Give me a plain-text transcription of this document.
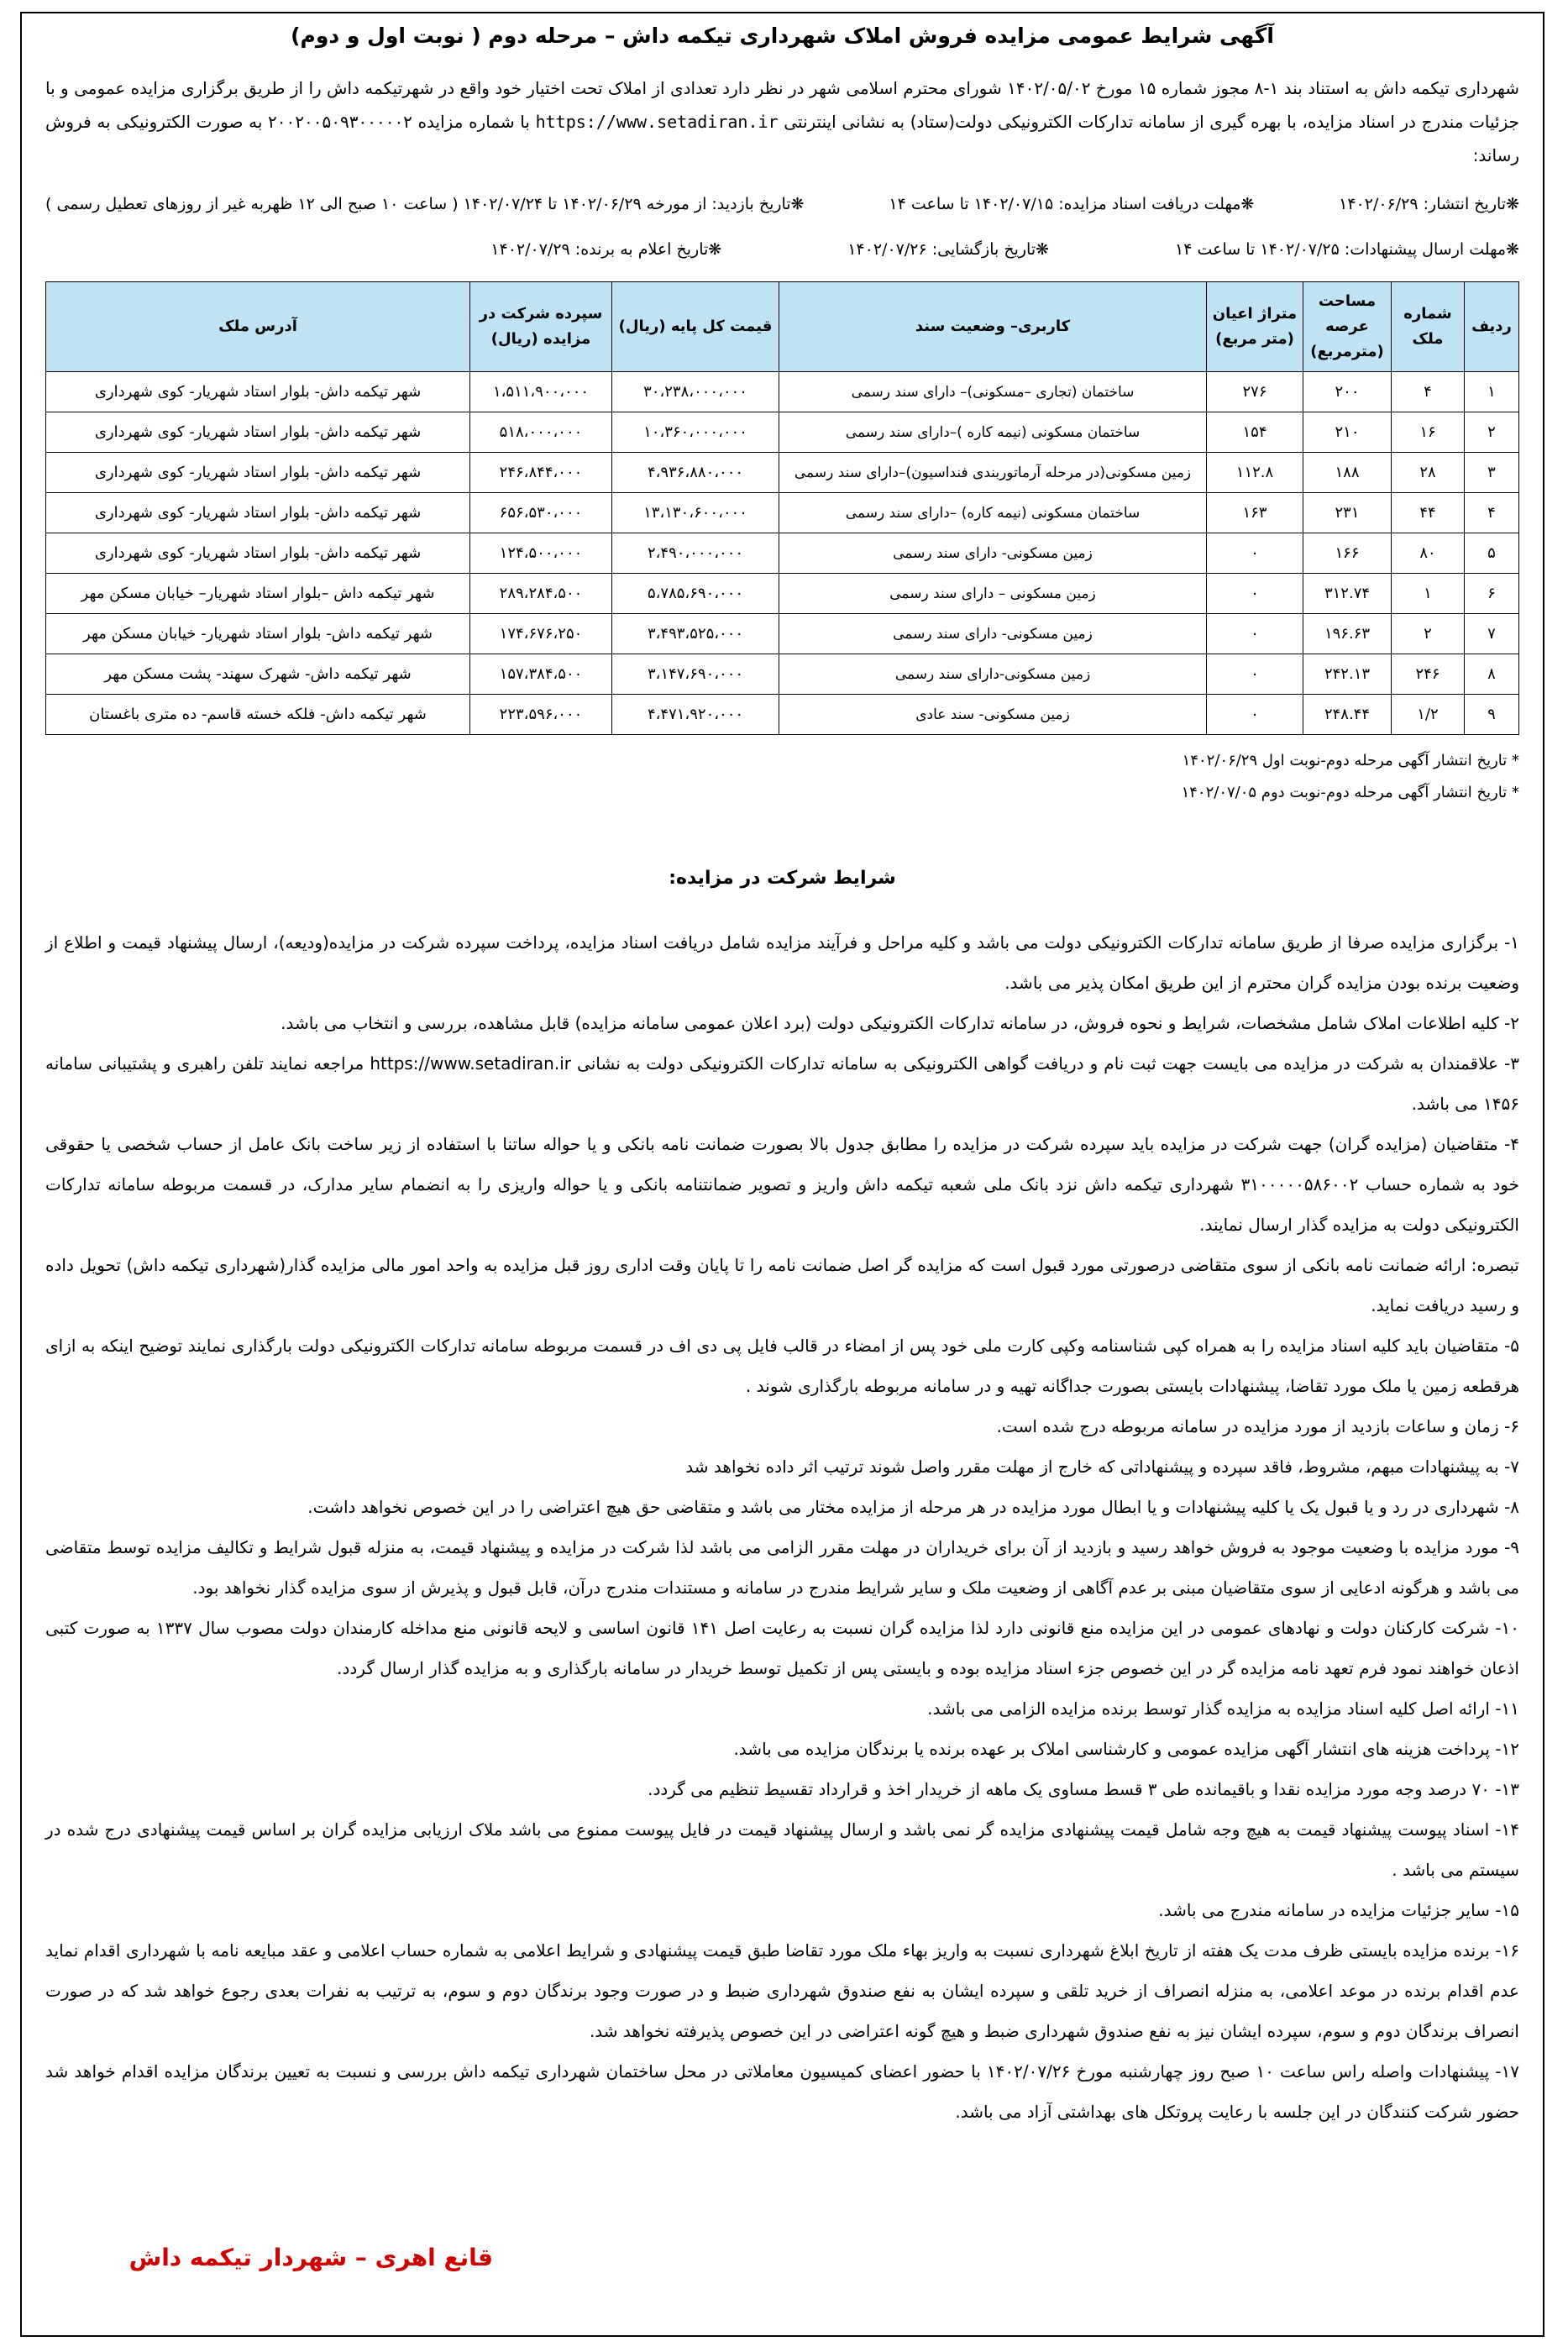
آگهی شرایط عمومی مزایده فروش املاک شهرداری تیکمه داش – مرحله دوم ( نوبت اول و دوم)

شهرداری تیکمه داش به استناد بند ۱-۸ مجوز شماره ۱۵ مورخ ۱۴۰۲/۰۵/۰۲ شورای محترم اسلامی شهر در نظر دارد تعدادی از املاک تحت اختیار خود واقع در شهرتیکمه داش را از طریق برگزاری مزایده عمومی و با جزئیات مندرج در اسناد مزایده، با بهره گیری از سامانه تدارکات الکترونیکی دولت(ستاد) به نشانی اینترنتی https://www.setadiran.ir با شماره مزایده ۲۰۰۲۰۰۵۰۹۳۰۰۰۰۰۲ به صورت الکترونیکی به فروش رساند:

❋تاریخ انتشار: ۱۴۰۲/۰۶/۲۹
❋مهلت دریافت اسناد مزایده: ۱۴۰۲/۰۷/۱۵ تا ساعت ۱۴
❋تاریخ بازدید: از مورخه ۱۴۰۲/۰۶/۲۹ تا ۱۴۰۲/۰۷/۲۴ ( ساعت ۱۰ صبح الی ۱۲ ظهربه غیر از روزهای تعطیل رسمی )
❋مهلت ارسال پیشنهادات: ۱۴۰۲/۰۷/۲۵ تا ساعت ۱۴
❋تاریخ بازگشایی: ۱۴۰۲/۰۷/۲۶
❋تاریخ اعلام به برنده: ۱۴۰۲/۰۷/۲۹
ردیف	شماره ملک	مساحت عرصه (مترمربع)	متراژ اعیان (متر مربع)	کاربری– وضعیت سند	قیمت کل پایه (ریال)	سپرده شرکت در مزایده (ریال)	آدرس ملک
۱	۴	۲۰۰	۲۷۶	ساختمان (تجاری –مسکونی)– دارای سند رسمی	۳۰،۲۳۸،۰۰۰،۰۰۰	۱،۵۱۱،۹۰۰،۰۰۰	شهر تیکمه داش- بلوار استاد شهریار- کوی شهرداری
۲	۱۶	۲۱۰	۱۵۴	ساختمان مسکونی (نیمه کاره )–دارای سند رسمی	۱۰،۳۶۰،۰۰۰،۰۰۰	۵۱۸،۰۰۰،۰۰۰	شهر تیکمه داش- بلوار استاد شهریار- کوی شهرداری
۳	۲۸	۱۸۸	۱۱۲.۸	زمین مسکونی(در مرحله آرماتوربندی فنداسیون)–دارای سند رسمی	۴،۹۳۶،۸۸۰،۰۰۰	۲۴۶،۸۴۴،۰۰۰	شهر تیکمه داش- بلوار استاد شهریار- کوی شهرداری
۴	۴۴	۲۳۱	۱۶۳	ساختمان مسکونی (نیمه کاره) –دارای سند رسمی	۱۳،۱۳۰،۶۰۰،۰۰۰	۶۵۶،۵۳۰،۰۰۰	شهر تیکمه داش- بلوار استاد شهریار- کوی شهرداری
۵	۸۰	۱۶۶	۰	زمین مسکونی- دارای سند رسمی	۲،۴۹۰،۰۰۰،۰۰۰	۱۲۴،۵۰۰،۰۰۰	شهر تیکمه داش- بلوار استاد شهریار- کوی شهرداری
۶	۱	۳۱۲.۷۴	۰	زمین مسکونی – دارای سند رسمی	۵،۷۸۵،۶۹۰،۰۰۰	۲۸۹،۲۸۴،۵۰۰	شهر تیکمه داش –بلوار استاد شهریار– خیابان مسکن مهر
۷	۲	۱۹۶.۶۳	۰	زمین مسکونی- دارای سند رسمی	۳،۴۹۳،۵۲۵،۰۰۰	۱۷۴،۶۷۶،۲۵۰	شهر تیکمه داش- بلوار استاد شهریار- خیابان مسکن مهر
۸	۲۴۶	۲۴۲.۱۳	۰	زمین مسکونی-دارای سند رسمی	۳،۱۴۷،۶۹۰،۰۰۰	۱۵۷،۳۸۴،۵۰۰	شهر تیکمه داش- شهرک سهند- پشت مسکن مهر
۹	۱/۲	۲۴۸.۴۴	۰	زمین مسکونی- سند عادی	۴،۴۷۱،۹۲۰،۰۰۰	۲۲۳،۵۹۶،۰۰۰	شهر تیکمه داش- فلکه خسته قاسم- ده متری باغستان
* تاریخ انتشار آگهی مرحله دوم-نوبت اول ۱۴۰۲/۰۶/۲۹
* تاریخ انتشار آگهی مرحله دوم-نوبت دوم ۱۴۰۲/۰۷/۰۵
شرایط شرکت در مزایده:
۱- برگزاری مزایده صرفا از طریق سامانه تدارکات الکترونیکی دولت می باشد و کلیه مراحل و فرآیند مزایده شامل دریافت اسناد مزایده، پرداخت سپرده شرکت در مزایده(ودیعه)، ارسال پیشنهاد قیمت و اطلاع از وضعیت برنده بودن مزایده گران محترم از این طریق امکان پذیر می باشد.
۲- کلیه اطلاعات املاک شامل مشخصات، شرایط و نحوه فروش، در سامانه تدارکات الکترونیکی دولت (برد اعلان عمومی سامانه مزایده) قابل مشاهده، بررسی و انتخاب می باشد.
۳- علاقمندان به شرکت در مزایده می بایست جهت ثبت نام و دریافت گواهی الکترونیکی به سامانه تدارکات الکترونیکی دولت به نشانی https://www.setadiran.ir مراجعه نمایند تلفن راهبری و پشتیبانی سامانه ۱۴۵۶ می باشد.
۴- متقاضیان (مزایده گران) جهت شرکت در مزایده باید سپرده شرکت در مزایده را مطابق جدول بالا بصورت ضمانت نامه بانکی و یا حواله ساتنا با استفاده از زیر ساخت بانک عامل از حساب شخصی یا حقوقی خود به شماره حساب ۳۱۰۰۰۰۰۵۸۶۰۰۲ شهرداری تیکمه داش نزد بانک ملی شعبه تیکمه داش واریز و تصویر ضمانتنامه بانکی و یا حواله واریزی را به انضمام سایر مدارک، در قسمت مربوطه سامانه تدارکات الکترونیکی دولت به مزایده گذار ارسال نمایند.
تبصره: ارائه ضمانت نامه بانکی از سوی متقاضی درصورتی مورد قبول است که مزایده گر اصل ضمانت نامه را تا پایان وقت اداری روز قبل مزایده به واحد امور مالی مزایده گذار(شهرداری تیکمه داش) تحویل داده و رسید دریافت نماید.
۵- متقاضیان باید کلیه اسناد مزایده را به همراه کپی شناسنامه وکپی کارت ملی خود پس از امضاء در قالب فایل پی دی اف در قسمت مربوطه سامانه تدارکات الکترونیکی دولت بارگذاری نمایند توضیح اینکه به ازای هرقطعه زمین یا ملک مورد تقاضا، پیشنهادات بایستی بصورت جداگانه تهیه و در سامانه مربوطه بارگذاری شوند .
۶- زمان و ساعات بازدید از مورد مزایده در سامانه مربوطه درج شده است.
۷- به پیشنهادات مبهم، مشروط، فاقد سپرده و پیشنهاداتی که خارج از مهلت مقرر واصل شوند ترتیب اثر داده نخواهد شد
۸- شهرداری در رد و یا قبول یک یا کلیه پیشنهادات و یا ابطال مورد مزایده در هر مرحله از مزایده مختار می باشد و متقاضی حق هیچ اعتراضی را در این خصوص نخواهد داشت.
۹- مورد مزایده با وضعیت موجود به فروش خواهد رسید و بازدید از آن برای خریداران در مهلت مقرر الزامی می باشد لذا شرکت در مزایده و پیشنهاد قیمت، به منزله قبول شرایط و تکالیف مزایده توسط متقاضی می باشد و هرگونه ادعایی از سوی متقاضیان مبنی بر عدم آگاهی از وضعیت ملک و سایر شرایط مندرج در سامانه و مستندات مندرج درآن، قابل قبول و پذیرش از سوی مزایده گذار نخواهد بود.
۱۰- شرکت کارکنان دولت و نهادهای عمومی در این مزایده منع قانونی دارد لذا مزایده گران نسبت به رعایت اصل ۱۴۱ قانون اساسی و لایحه قانونی منع مداخله کارمندان دولت مصوب سال ۱۳۳۷ به صورت کتبی اذعان خواهند نمود فرم تعهد نامه مزایده گر در این خصوص جزء اسناد مزایده بوده و بایستی پس از تکمیل توسط خریدار در سامانه بارگذاری و به مزایده گذار ارسال گردد.
۱۱- ارائه اصل کلیه اسناد مزایده به مزایده گذار توسط برنده مزایده الزامی می باشد.
۱۲- پرداخت هزینه های انتشار آگهی مزایده عمومی و کارشناسی املاک بر عهده برنده یا برندگان مزایده می باشد.
۱۳- ۷۰ درصد وجه مورد مزایده نقدا و باقیمانده طی ۳ قسط مساوی یک ماهه از خریدار اخذ و قرارداد تقسیط تنظیم می گردد.
۱۴- اسناد پیوست پیشنهاد قیمت به هیچ وجه شامل قیمت پیشنهادی مزایده گر نمی باشد و ارسال پیشنهاد قیمت در فایل پیوست ممنوع می باشد ملاک ارزیابی مزایده گران بر اساس قیمت پیشنهادی درج شده در سیستم می باشد .
۱۵- سایر جزئیات مزایده در سامانه مندرج می باشد.
۱۶- برنده مزایده بایستی ظرف مدت یک هفته از تاریخ ابلاغ شهرداری نسبت به واریز بهاء ملک مورد تقاضا طبق قیمت پیشنهادی و شرایط اعلامی به شماره حساب اعلامی و عقد مبایعه نامه با شهرداری اقدام نماید عدم اقدام برنده در موعد اعلامی، به منزله انصراف از خرید تلقی و سپرده ایشان به نفع صندوق شهرداری ضبط و در صورت وجود برندگان دوم و سوم، به ترتیب به نفرات بعدی رجوع خواهد شد که در صورت انصراف برندگان دوم و سوم، سپرده ایشان نیز به نفع صندوق شهرداری ضبط و هیچ گونه اعتراضی در این خصوص پذیرفته نخواهد شد.
۱۷- پیشنهادات واصله راس ساعت ۱۰ صبح روز چهارشنبه مورخ ۱۴۰۲/۰۷/۲۶ با حضور اعضای کمیسیون معاملاتی در محل ساختمان شهرداری تیکمه داش بررسی و نسبت به تعیین برندگان مزایده اقدام خواهد شد حضور شرکت کنندگان در این جلسه با رعایت پروتکل های بهداشتی آزاد می باشد.
قانع اهری – شهردار تیکمه داش
